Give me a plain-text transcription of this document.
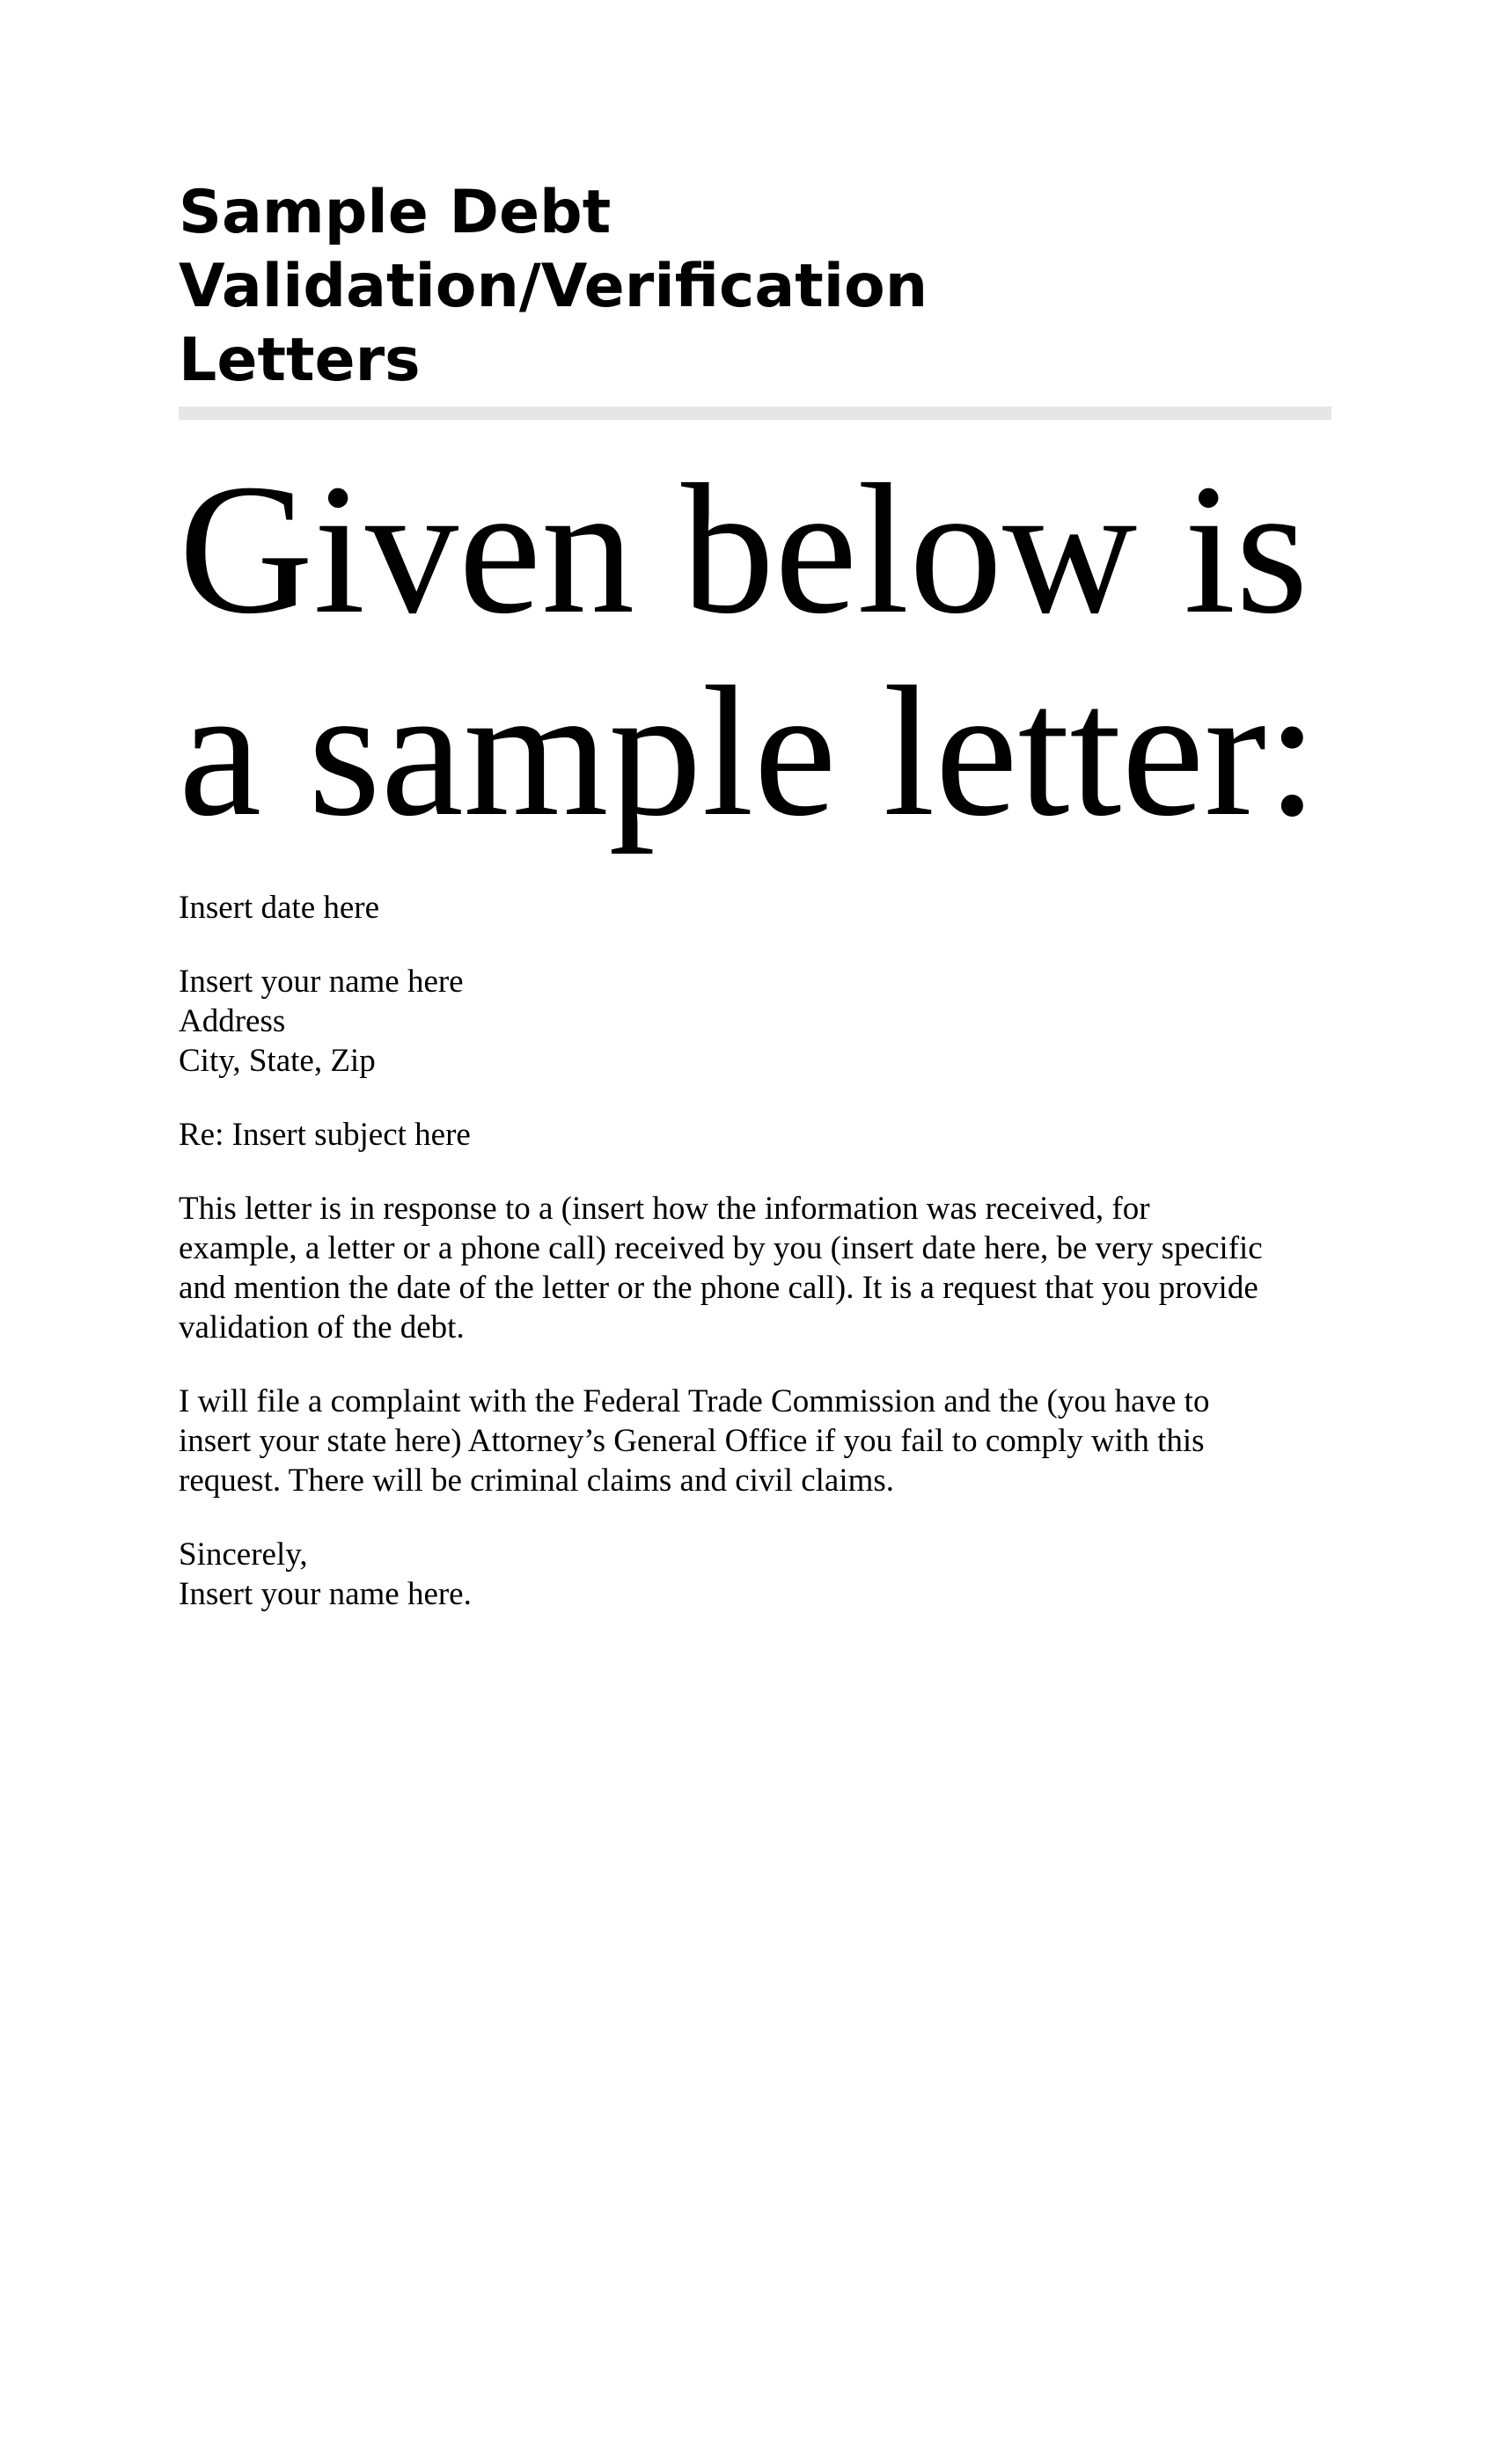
Sample Debt Validation/Verification
Letters
Given below is
a sample letter:

Insert date here

Insert your name here
Address
City, State, Zip

Re: Insert subject here

This letter is in response to a (insert how the information was received, for
example, a letter or a phone call) received by you (insert date here, be very specific
and mention the date of the letter or the phone call). It is a request that you provide
validation of the debt.

I will file a complaint with the Federal Trade Commission and the (you have to
insert your state here) Attorney’s General Office if you fail to comply with this
request. There will be criminal claims and civil claims.

Sincerely,
Insert your name here.
